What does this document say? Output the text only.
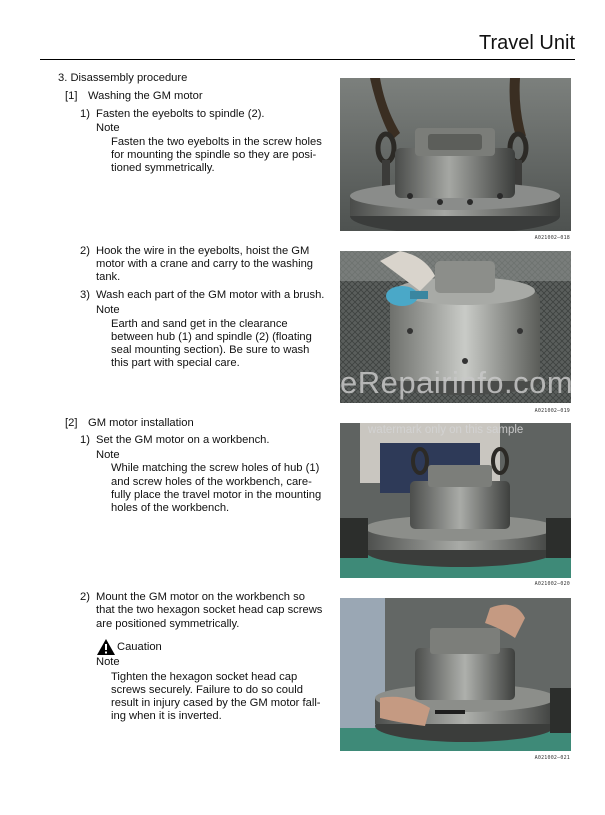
Travel Unit
3. Disassembly procedure
[1] Washing the GM motor
1) Fasten the eyebolts to spindle (2).
Note
Fasten the two eyebolts in the screw holes
for mounting the spindle so they are posi-
tioned symmetrically.
2) Hook the wire in the eyebolts, hoist the GM
motor with a crane and carry to the washing
tank.
3) Wash each part of the GM motor with a brush.
Note
Earth and sand get in the clearance
between hub (1) and spindle (2) (floating
seal mounting section). Be sure to wash
this part with special care.
[2] GM motor installation
1) Set the GM motor on a workbench.
Note
While matching the screw holes of hub (1)
and screw holes of the workbench, care-
fully place the travel motor in the mounting
holes of the workbench.
2) Mount the GM motor on the workbench so
that the two hexagon socket head cap screws
are positioned symmetrically.
Cauation
Note
Tighten the hexagon socket head cap
screws securely. Failure to do so could
result in injury cased by the GM motor fall-
ing when it is inverted.
A021002—018
A021002—019
A021002—020
A021002—021
eRepairinfo.com
watermark only on this sample
